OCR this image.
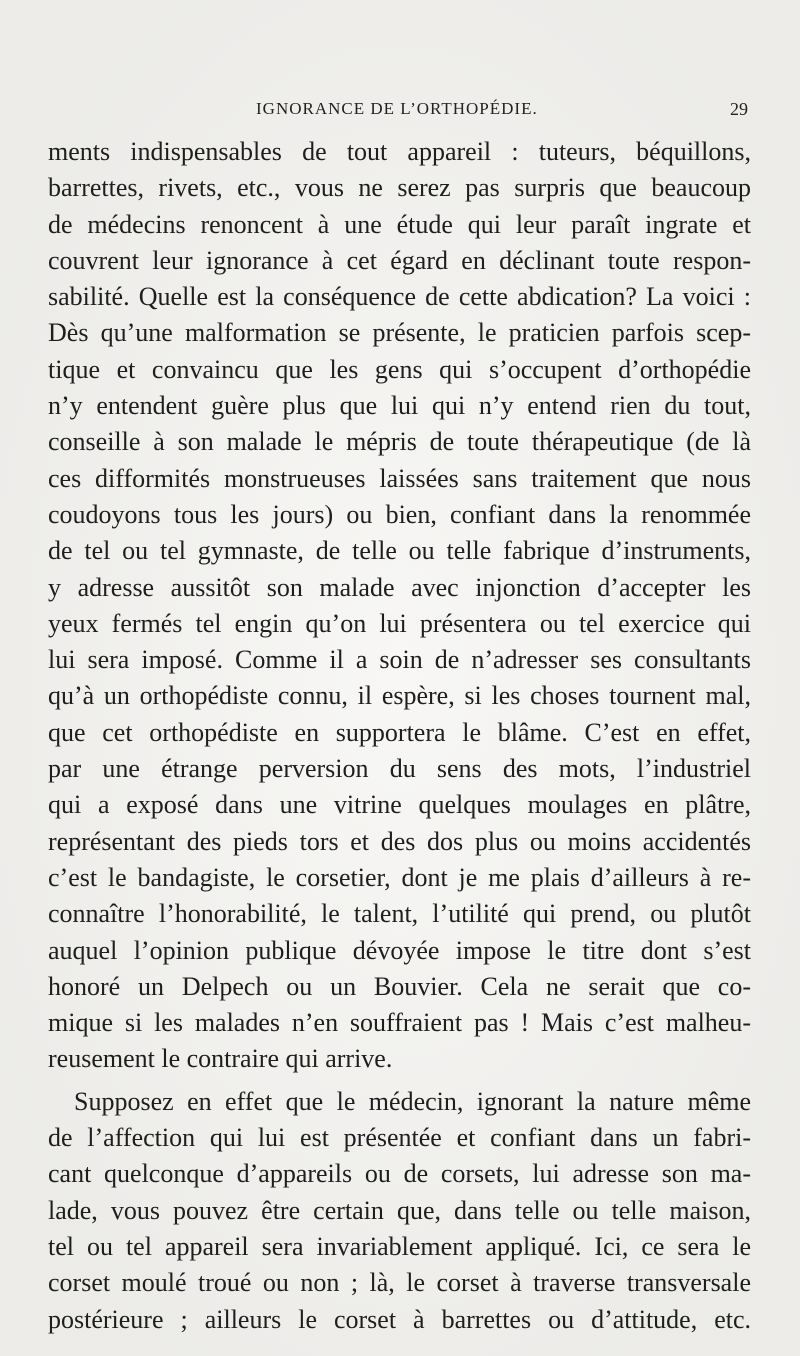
IGNORANCE DE L’ORTHOPÉDIE.	29
ments indispensables de tout appareil : tuteurs, béquillons,
barrettes, rivets, etc., vous ne serez pas surpris que beaucoup
de médecins renoncent à une étude qui leur paraît ingrate et
couvrent leur ignorance à cet égard en déclinant toute respon-
sabilité. Quelle est la conséquence de cette abdication? La voici :
Dès qu’une malformation se présente, le praticien parfois scep-
tique et convaincu que les gens qui s’occupent d’orthopédie
n’y entendent guère plus que lui qui n’y entend rien du tout,
conseille à son malade le mépris de toute thérapeutique (de là
ces difformités monstrueuses laissées sans traitement que nous
coudoyons tous les jours) ou bien, confiant dans la renommée
de tel ou tel gymnaste, de telle ou telle fabrique d’instruments,
y adresse aussitôt son malade avec injonction d’accepter les
yeux fermés tel engin qu’on lui présentera ou tel exercice qui
lui sera imposé. Comme il a soin de n’adresser ses consultants
qu’à un orthopédiste connu, il espère, si les choses tournent mal,
que cet orthopédiste en supportera le blâme. C’est en effet,
par une étrange perversion du sens des mots, l’industriel
qui a exposé dans une vitrine quelques moulages en plâtre,
représentant des pieds tors et des dos plus ou moins accidentés
c’est le bandagiste, le corsetier, dont je me plais d’ailleurs à re-
connaître l’honorabilité, le talent, l’utilité qui prend, ou plutôt
auquel l’opinion publique dévoyée impose le titre dont s’est
honoré un Delpech ou un Bouvier. Cela ne serait que co-
mique si les malades n’en souffraient pas ! Mais c’est malheu-
reusement le contraire qui arrive.
Supposez en effet que le médecin, ignorant la nature même
de l’affection qui lui est présentée et confiant dans un fabri-
cant quelconque d’appareils ou de corsets, lui adresse son ma-
lade, vous pouvez être certain que, dans telle ou telle maison,
tel ou tel appareil sera invariablement appliqué. Ici, ce sera le
corset moulé troué ou non ; là, le corset à traverse transversale
postérieure ; ailleurs le corset à barrettes ou d’attitude, etc.
